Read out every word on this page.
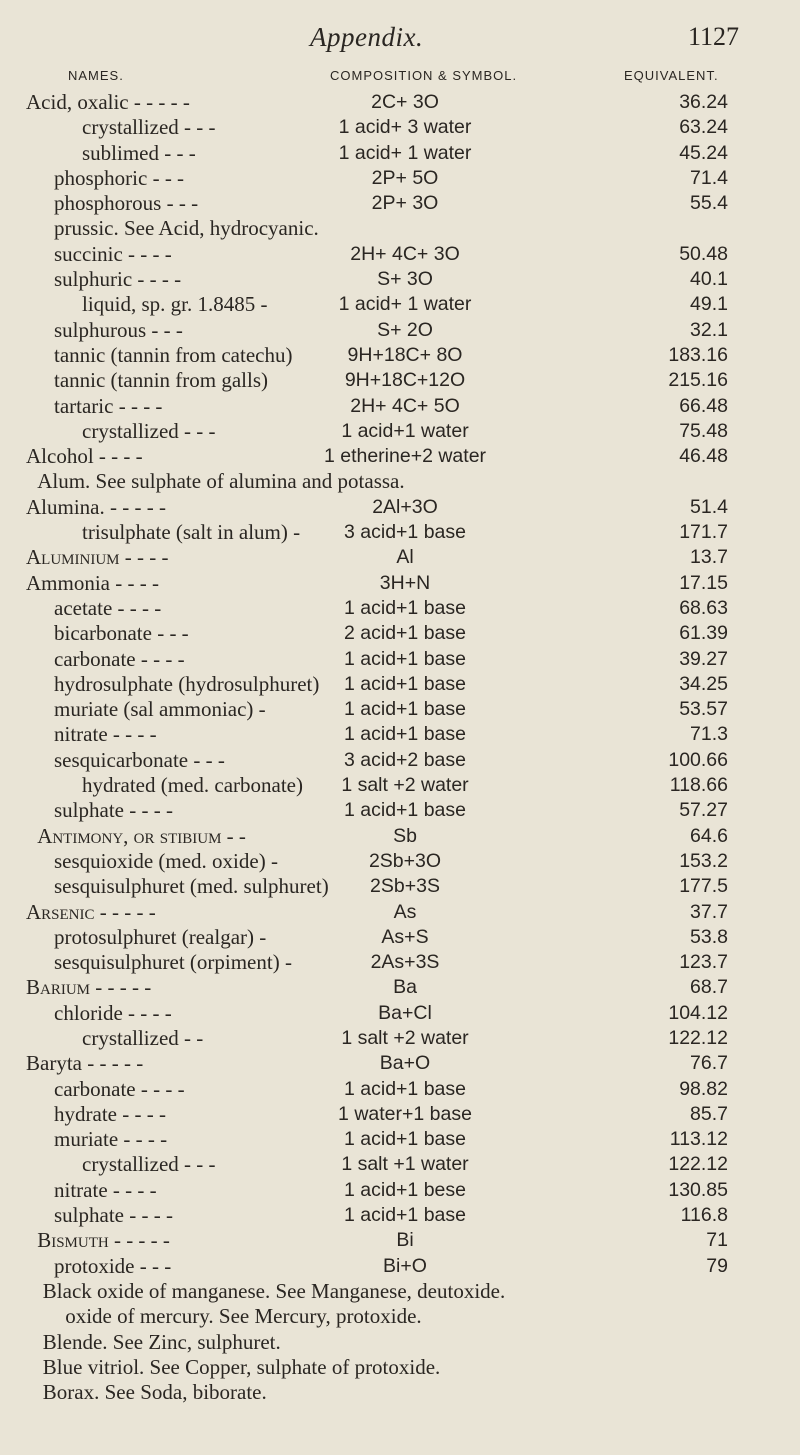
Appendix.	1127
NAMES.	COMPOSITION & SYMBOL.	EQUIVALENT.
Acid, oxalic - - - - -	2C+ 3O	36.24
crystallized - - -	1 acid+ 3 water	63.24
sublimed - - -	1 acid+ 1 water	45.24
phosphoric - - -	2P+ 5O	71.4
phosphorous - - -	2P+ 3O	55.4
prussic. See Acid, hydrocyanic.
succinic - - - -	2H+ 4C+ 3O	50.48
sulphuric - - - -	S+ 3O	40.1
liquid, sp. gr. 1.8485 -	1 acid+ 1 water	49.1
sulphurous - - -	S+ 2O	32.1
tannic (tannin from catechu)	9H+18C+ 8O	183.16
tannic (tannin from galls)	9H+18C+12O	215.16
tartaric - - - -	2H+ 4C+ 5O	66.48
crystallized - - -	1 acid+1 water	75.48
Alcohol - - - -	1 etherine+2 water	46.48
Alum. See sulphate of alumina and potassa.
Alumina. - - - - -	2Al+3O	51.4
trisulphate (salt in alum) - 3 acid+1 base	171.7
Aluminium - - - -	Al	13.7
Ammonia - - - -	3H+N	17.15
acetate - - - -	1 acid+1 base	68.63
bicarbonate - - -	2 acid+1 base	61.39
carbonate - - - -	1 acid+1 base	39.27
hydrosulphate (hydrosulphuret) 1 acid+1 base	34.25
muriate (sal ammoniac) -	1 acid+1 base	53.57
nitrate - - - -	1 acid+1 base	71.3
sesquicarbonate - - -	3 acid+2 base	100.66
hydrated (med. carbonate) 1 salt +2 water	118.66
sulphate - - - -	1 acid+1 base	57.27
Antimony, or stibium - -	Sb	64.6
sesquioxide (med. oxide) -	2Sb+3O	153.2
sesquisulphuret (med. sulphuret) 2Sb+3S	177.5
Arsenic - - - - -	As	37.7
protosulphuret (realgar) -	As+S	53.8
sesquisulphuret (orpiment) -	2As+3S	123.7
Barium - - - - -	Ba	68.7
chloride - - - -	Ba+Cl	104.12
crystallized - -	1 salt +2 water	122.12
Baryta - - - - -	Ba+O	76.7
carbonate - - - -	1 acid+1 base	98.82
hydrate - - - -	1 water+1 base	85.7
muriate - - - -	1 acid+1 base	113.12
crystallized - - -	1 salt +1 water	122.12
nitrate - - - -	1 acid+1 bese	130.85
sulphate - - - -	1 acid+1 base	116.8
Bismuth - - - - -	Bi	71
protoxide - - -	Bi+O	79
Black oxide of manganese. See Manganese, deutoxide.
oxide of mercury. See Mercury, protoxide.
Blende. See Zinc, sulphuret.
Blue vitriol. See Copper, sulphate of protoxide.
Borax. See Soda, biborate.
